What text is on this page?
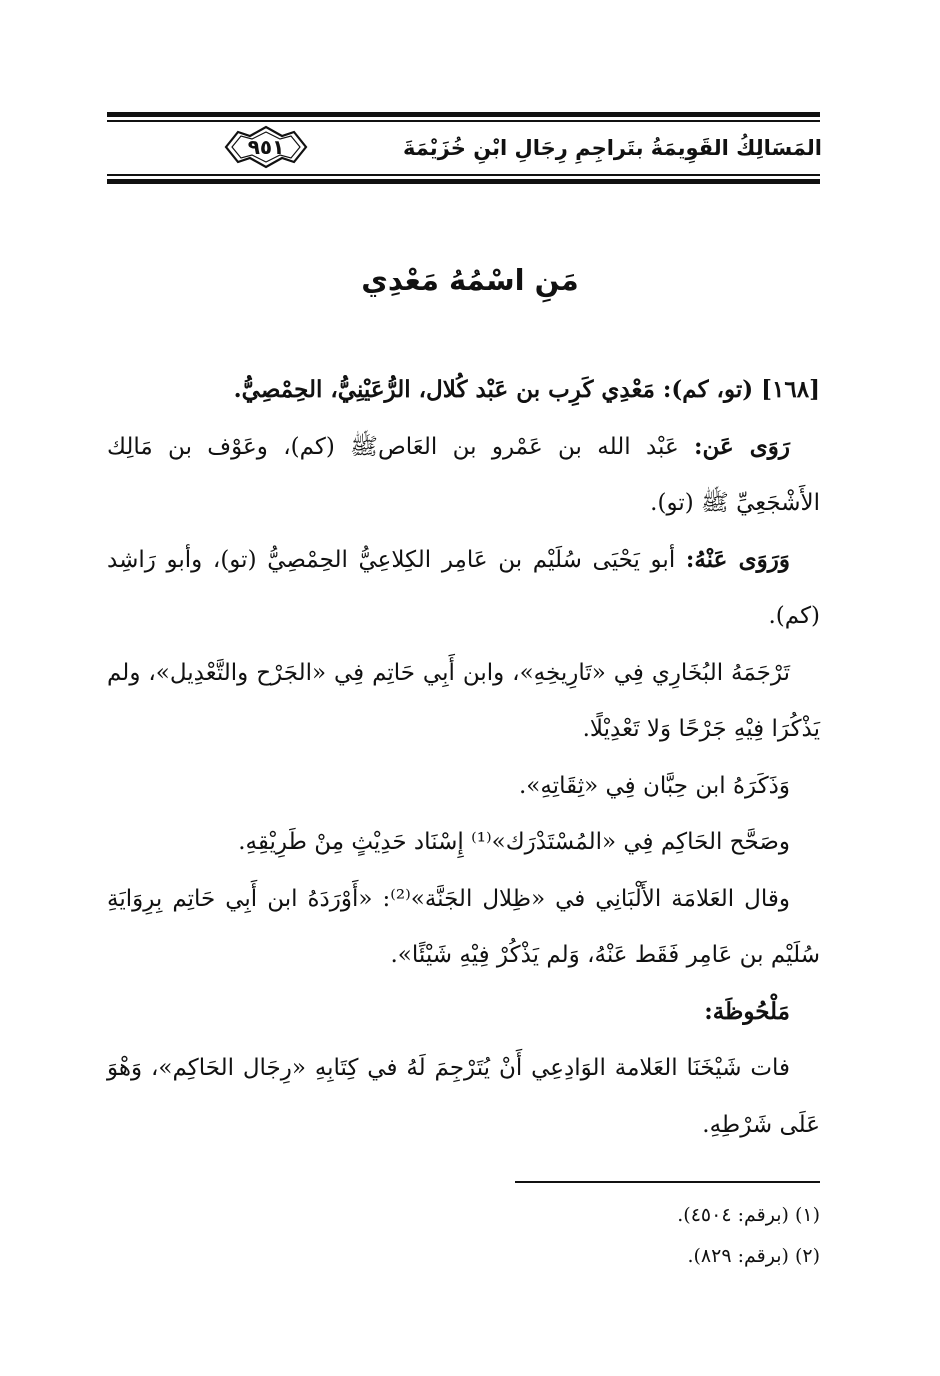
المَسَالِكُ القَوِيمَةُ بتَراجِمِ رِجَالِ ابْنِ خُزَيْمَةَ
٩٥١
مَنِ اسْمُهُ مَعْدِي

[١٦٨] (تو، كم): مَعْدِي كَرِب بن عَبْد كُلال، الرُّعَيْنِيُّ، الحِمْصِيُّ.

رَوَى عَن: عَبْد الله بن عَمْرو بن العَاصﷺ (كم)، وعَوْف بن مَالِك الأَشْجَعِيِّ ﷺ (تو).

وَرَوَى عَنْهُ: أبو يَحْيَى سُلَيْم بن عَامِر الكِلاعِيُّ الحِمْصِيُّ (تو)، وأبو رَاشِد (كم).

تَرْجَمَهُ البُخَارِي فِي «تَارِيخِهِ»، وابن أَبِي حَاتِم فِي «الجَرْح والتَّعْدِيل»، ولم يَذْكُرَا فِيْهِ جَرْحًا وَلا تَعْدِيْلًا.

وَذَكَرَهُ ابن حِبَّان فِي «ثِقَاتِهِ».

وصَحَّح الحَاكِم فِي «المُسْتَدْرَك»⁽¹⁾ إِسْنَاد حَدِيْثٍ مِنْ طَرِيْقِهِ.

وقال العَلامَة الأَلْبَانِي في «ظِلال الجَنَّة»⁽²⁾: «أَوْرَدَهُ ابن أَبِي حَاتِم بِرِوَايَةِ سُلَيْم بن عَامِر فَقَط عَنْهُ، وَلم يَذْكُرْ فِيْهِ شَيْئًا».

مَلْحُوظَة:

فات شَيْخَنَا العَلامة الوَادِعِي أَنْ يُتَرْجِمَ لَهُ في كِتَابِهِ «رِجَال الحَاكِم»، وَهْوَ عَلَى شَرْطِهِ.

(١) (برقم: ٤٥٠٤).
(٢) (برقم: ٨٢٩).
